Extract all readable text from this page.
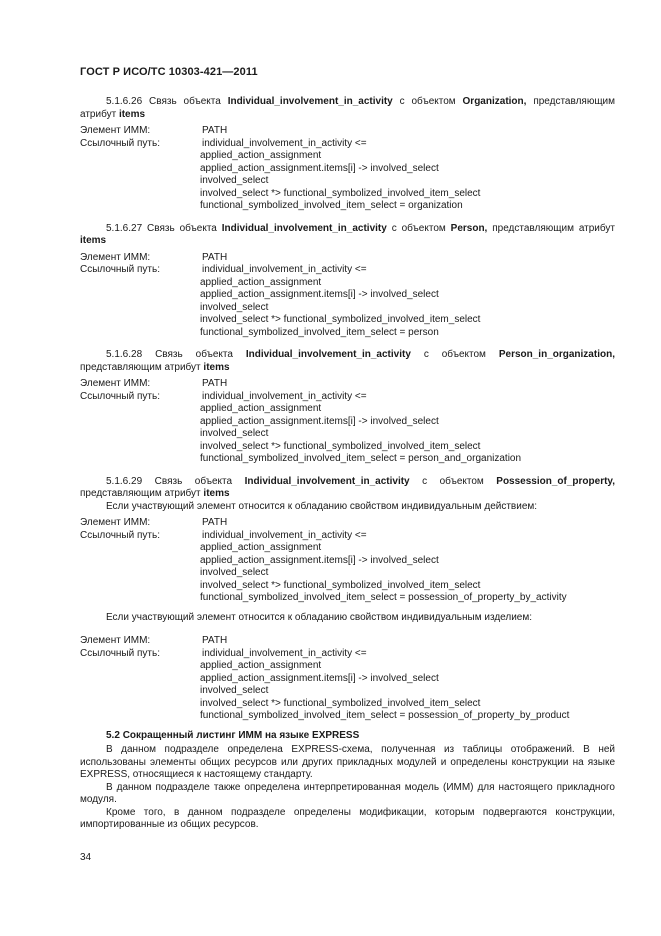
ГОСТ Р ИСО/ТС 10303-421—2011

5.1.6.26 Связь объекта Individual_involvement_in_activity с объектом Organization, представляющим атрибут items

Элемент ИММ:	PATH
Ссылочный путь:	individual_involvement_in_activity <=
applied_action_assignment
applied_action_assignment.items[i] -> involved_select
involved_select
involved_select *> functional_symbolized_involved_item_select
functional_symbolized_involved_item_select = organization

5.1.6.27 Связь объекта Individual_involvement_in_activity с объектом Person, представляющим атрибут items

Элемент ИММ:	PATH
Ссылочный путь:	individual_involvement_in_activity <=
applied_action_assignment
applied_action_assignment.items[i] -> involved_select
involved_select
involved_select *> functional_symbolized_involved_item_select
functional_symbolized_involved_item_select = person

5.1.6.28 Связь объекта Individual_involvement_in_activity с объектом Person_in_organization, представляющим атрибут items

Элемент ИММ:	PATH
Ссылочный путь:	individual_involvement_in_activity <=
applied_action_assignment
applied_action_assignment.items[i] -> involved_select
involved_select
involved_select *> functional_symbolized_involved_item_select
functional_symbolized_involved_item_select = person_and_organization

5.1.6.29 Связь объекта Individual_involvement_in_activity с объектом Possession_of_property, представляющим атрибут items

Если участвующий элемент относится к обладанию свойством индивидуальным действием:

Элемент ИММ:	PATH
Ссылочный путь:	individual_involvement_in_activity <=
applied_action_assignment
applied_action_assignment.items[i] -> involved_select
involved_select
involved_select *> functional_symbolized_involved_item_select
functional_symbolized_involved_item_select = possession_of_property_by_activity

Если участвующий элемент относится к обладанию свойством индивидуальным изделием:

Элемент ИММ:	PATH
Ссылочный путь:	individual_involvement_in_activity <=
applied_action_assignment
applied_action_assignment.items[i] -> involved_select
involved_select
involved_select *> functional_symbolized_involved_item_select
functional_symbolized_involved_item_select = possession_of_property_by_product

5.2 Сокращенный листинг ИММ на языке EXPRESS

В данном подразделе определена EXPRESS-схема, полученная из таблицы отображений. В ней использованы элементы общих ресурсов или других прикладных модулей и определены конструкции на языке EXPRESS, относящиеся к настоящему стандарту.

В данном подразделе также определена интерпретированная модель (ИММ) для настоящего прикладного модуля.

Кроме того, в данном подразделе определены модификации, которым подвергаются конструкции, импортированные из общих ресурсов.

34
